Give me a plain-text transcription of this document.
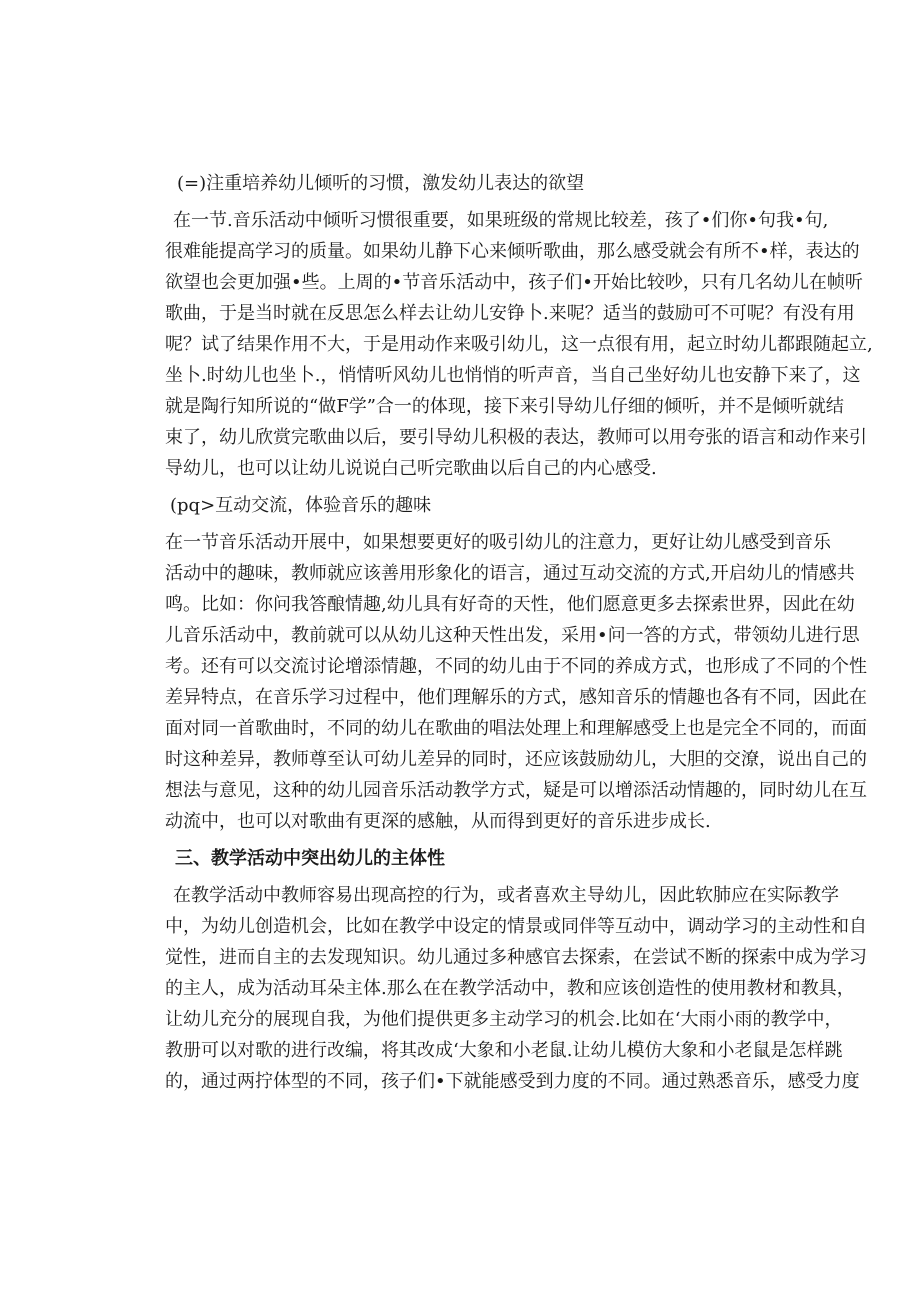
(=)注重培养幼儿倾听的习惯，激发幼儿表达的欲望
在一节.音乐活动中倾听习惯很重要，如果班级的常规比较差，孩了•们你•句我•句,
很难能提高学习的质量。如果幼儿静下心来倾听歌曲，那么感受就会有所不•样，表达的
欲望也会更加强•些。上周的•节音乐活动中，孩子们•开始比较吵，只有几名幼儿在帧听
歌曲，于是当时就在反思怎么样去让幼儿安铮卜.来呢？适当的鼓励可不可呢？有没有用
呢？试了结果作用不大，于是用动作来吸引幼儿，这一点很有用，起立时幼儿都跟随起立,
坐卜.时幼儿也坐卜.，悄情听风幼儿也悄悄的听声音，当自己坐好幼儿也安静下来了，这
就是陶行知所说的“做F学”合一的体现，接下来引导幼儿仔细的倾听，并不是倾听就结
束了，幼儿欣赏完歌曲以后，要引导幼儿积极的表达，教师可以用夸张的语言和动作来引
导幼儿，也可以让幼儿说说白己听完歌曲以后自己的内心感受.
(pq>互动交流，体验音乐的趣味
在一节音乐活动开展中，如果想要更好的吸引幼儿的注意力，更好让幼儿感受到音乐
活动中的趣味，教师就应该善用形象化的语言，通过互动交流的方式,开启幼儿的情感共
鸣。比如：你问我答酿情趣,幼儿具有好奇的天性，他们愿意更多去探索世界，因此在幼
儿音乐活动中，教前就可以从幼儿这种天性出发，采用•问一答的方式，带领幼儿进行思
考。还有可以交流讨论增添情趣，不同的幼儿由于不同的养成方式，也形成了不同的个性
差异特点，在音乐学习过程中，他们理解乐的方式，感知音乐的情趣也各有不同，因此在
面对同一首歌曲时，不同的幼儿在歌曲的唱法处理上和理解感受上也是完全不同的，而面
时这种差异，教师尊至认可幼儿差异的同时，还应该鼓励幼儿，大胆的交潦，说出自己的
想法与意见，这种的幼儿园音乐活动教学方式，疑是可以增添活动情趣的，同时幼儿在互
动流中，也可以对歌曲有更深的感触，从而得到更好的音乐进步成长.
三、教学活动中突出幼儿的主体性
在教学活动中教师容易出现高控的行为，或者喜欢主导幼儿，因此软肺应在实际教学
中，为幼儿创造机会，比如在教学中设定的情景或同伴等互动中，调动学习的主动性和自
觉性，进而自主的去发现知识。幼儿通过多种感官去探索，在尝试不断的探索中成为学习
的主人，成为活动耳朵主体.那么在在教学活动中，教和应该创造性的使用教材和教具，
让幼儿充分的展现自我，为他们提供更多主动学习的机会.比如在‘大雨小雨的教学中，
教册可以对歌的进行改编，将其改成‘大象和小老鼠.让幼儿模仿大象和小老鼠是怎样跳
的，通过两拧体型的不同，孩子们•下就能感受到力度的不同。通过熟悉音乐，感受力度
